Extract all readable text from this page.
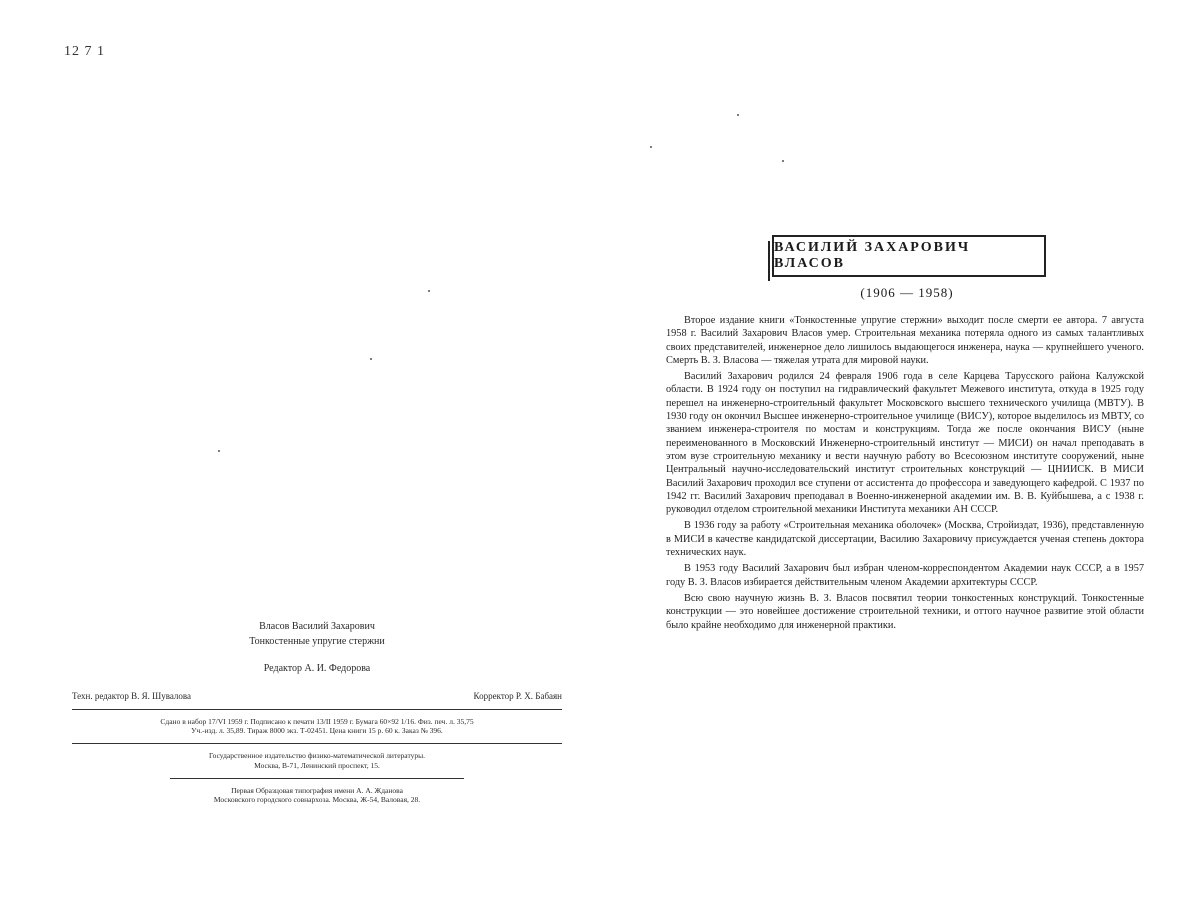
12 7 1
Власов Василий Захарович
Тонкостенные упругие стержни
Редактор А. И. Федорова
Техн. редактор В. Я. Шувалова	Корректор Р. Х. Бабаян
Сдано в набор 17/VI 1959 г. Подписано к печати 13/II 1959 г. Бумага 60×92 1/16. Физ. печ. л. 35,75
Уч.-изд. л. 35,89. Тираж 8000 экз. Т-02451. Цена книги 15 р. 60 к. Заказ № 396.
Государственное издательство физико-математической литературы.
Москва, В-71, Ленинский проспект, 15.
Первая Образцовая типография имени А. А. Жданова
Московского городского совнархоза. Москва, Ж-54, Валовая, 28.
ВАСИЛИЙ ЗАХАРОВИЧ ВЛАСОВ
(1906 — 1958)

Второе издание книги «Тонкостенные упругие стержни» выходит после смерти ее автора. 7 августа 1958 г. Василий Захарович Власов умер. Строительная механика потеряла одного из самых талантливых своих представителей, инженерное дело лишилось выдающегося инженера, наука — крупнейшего ученого. Смерть В. З. Власова — тяжелая утрата для мировой науки.

Василий Захарович родился 24 февраля 1906 года в селе Карцева Тарусского района Калужской области. В 1924 году он поступил на гидравлический факультет Межевого института, откуда в 1925 году перешел на инженерно-строительный факультет Московского высшего технического училища (МВТУ). В 1930 году он окончил Высшее инженерно-строительное училище (ВИСУ), которое выделилось из МВТУ, со званием инженера-строителя по мостам и конструкциям. Тогда же после окончания ВИСУ (ныне переименованного в Московский Инженерно-строительный институт — МИСИ) он начал преподавать в этом вузе строительную механику и вести научную работу во Всесоюзном институте сооружений, ныне Центральный научно-исследовательский институт строительных конструкций — ЦНИИСК. В МИСИ Василий Захарович проходил все ступени от ассистента до профессора и заведующего кафедрой. С 1937 по 1942 гг. Василий Захарович преподавал в Военно-инженерной академии им. В. В. Куйбышева, а с 1938 г. руководил отделом строительной механики Института механики АН СССР.

В 1936 году за работу «Строительная механика оболочек» (Москва, Стройиздат, 1936), представленную в МИСИ в качестве кандидатской диссертации, Василию Захаровичу присуждается ученая степень доктора технических наук.

В 1953 году Василий Захарович был избран членом-корреспондентом Академии наук СССР, а в 1957 году В. З. Власов избирается действительным членом Академии архитектуры СССР.

Всю свою научную жизнь В. З. Власов посвятил теории тонкостенных конструкций. Тонкостенные конструкции — это новейшее достижение строительной техники, и оттого научное развитие этой области было крайне необходимо для инженерной практики.
